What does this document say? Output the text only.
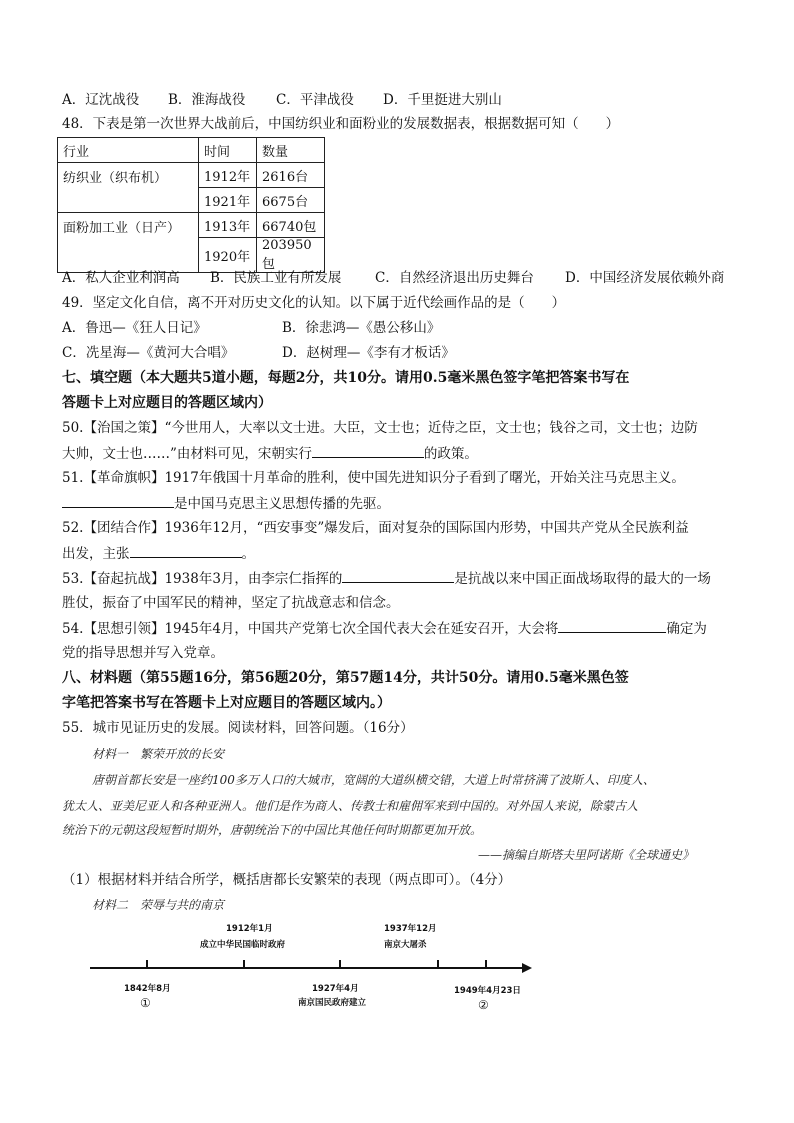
A．辽沈战役 B．淮海战役 C．平津战役 D．千里挺进大别山
48．下表是第一次世界大战前后，中国纺织业和面粉业的发展数据表，根据数据可知（　　）
行业	时间	数量
纺织业（织布机）	1912年	2616台
	1921年	6675台
面粉加工业（日产）	1913年	66740包
	1920年	203950包
A．私人企业利润高 B．民族工业有所发展 C．自然经济退出历史舞台 D．中国经济发展依赖外商
49．坚定文化自信，离不开对历史文化的认知。以下属于近代绘画作品的是（　　）
A．鲁迅—《狂人日记》	B．徐悲鸿—《愚公移山》
C．冼星海—《黄河大合唱》	D．赵树理—《李有才板话》
七、填空题（本大题共5道小题，每题2分，共10分。请用0.5毫米黑色签字笔把答案书写在
答题卡上对应题目的答题区域内）
50.【治国之策】“今世用人，大率以文士进。大臣，文士也；近侍之臣，文士也；钱谷之司，文士也；边防
大帅，文士也……”由材料可见，宋朝实行	的政策。
51.【革命旗帜】1917年俄国十月革命的胜利，使中国先进知识分子看到了曙光，开始关注马克思主义。
是中国马克思主义思想传播的先驱。
52.【团结合作】1936年12月，“西安事变”爆发后，面对复杂的国际国内形势，中国共产党从全民族利益
出发，主张	。
53.【奋起抗战】1938年3月，由李宗仁指挥的	是抗战以来中国正面战场取得的最大的一场
胜仗，振奋了中国军民的精神，坚定了抗战意志和信念。
54.【思想引领】1945年4月，中国共产党第七次全国代表大会在延安召开，大会将	确定为
党的指导思想并写入党章。
八、材料题（第55题16分，第56题20分，第57题14分，共计50分。请用0.5毫米黑色签
字笔把答案书写在答题卡上对应题目的答题区域内。）
55．城市见证历史的发展。阅读材料，回答问题。（16分）
材料一　繁荣开放的长安
唐朝首都长安是一座约100多万人口的大城市，宽阔的大道纵横交错，大道上时常挤满了波斯人、印度人、
犹太人、亚美尼亚人和各种亚洲人。他们是作为商人、传教士和雇佣军来到中国的。对外国人来说，除蒙古人
统治下的元朝这段短暂时期外，唐朝统治下的中国比其他任何时期都更加开放。
——摘编自斯塔夫里阿诺斯《全球通史》
（1）根据材料并结合所学，概括唐都长安繁荣的表现（两点即可）。（4分）
材料二　荣辱与共的南京
1912年1月
成立中华民国临时政府
1937年12月
南京大屠杀
1842年8月
①
1927年4月
南京国民政府建立
1949年4月23日
②
